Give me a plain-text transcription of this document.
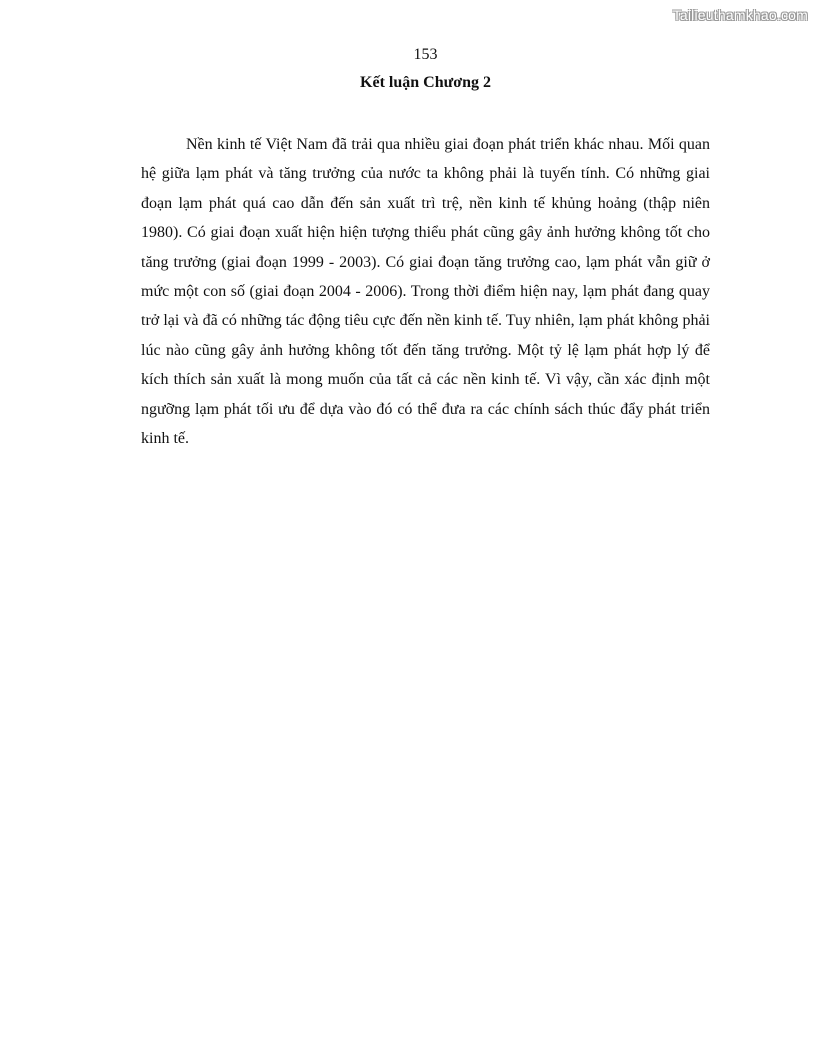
Tailieuthamkhao.com
153
Kết luận Chương 2

Nền kinh tế Việt Nam đã trải qua nhiều giai đoạn phát triển khác nhau. Mối quan hệ giữa lạm phát và tăng trưởng của nước ta không phải là tuyến tính. Có những giai đoạn lạm phát quá cao dẫn đến sản xuất trì trệ, nền kinh tế khủng hoảng (thập niên 1980). Có giai đoạn xuất hiện hiện tượng thiểu phát cũng gây ảnh hưởng không tốt cho tăng trưởng (giai đoạn 1999 - 2003). Có giai đoạn tăng trưởng cao, lạm phát vẫn giữ ở mức một con số (giai đoạn 2004 - 2006). Trong thời điểm hiện nay, lạm phát đang quay trở lại và đã có những tác động tiêu cực đến nền kinh tế. Tuy nhiên, lạm phát không phải lúc nào cũng gây ảnh hưởng không tốt đến tăng trưởng. Một tỷ lệ lạm phát hợp lý để kích thích sản xuất là mong muốn của tất cả các nền kinh tế. Vì vậy, cần xác định một ngưỡng lạm phát tối ưu để dựa vào đó có thể đưa ra các chính sách thúc đẩy phát triển kinh tế.
